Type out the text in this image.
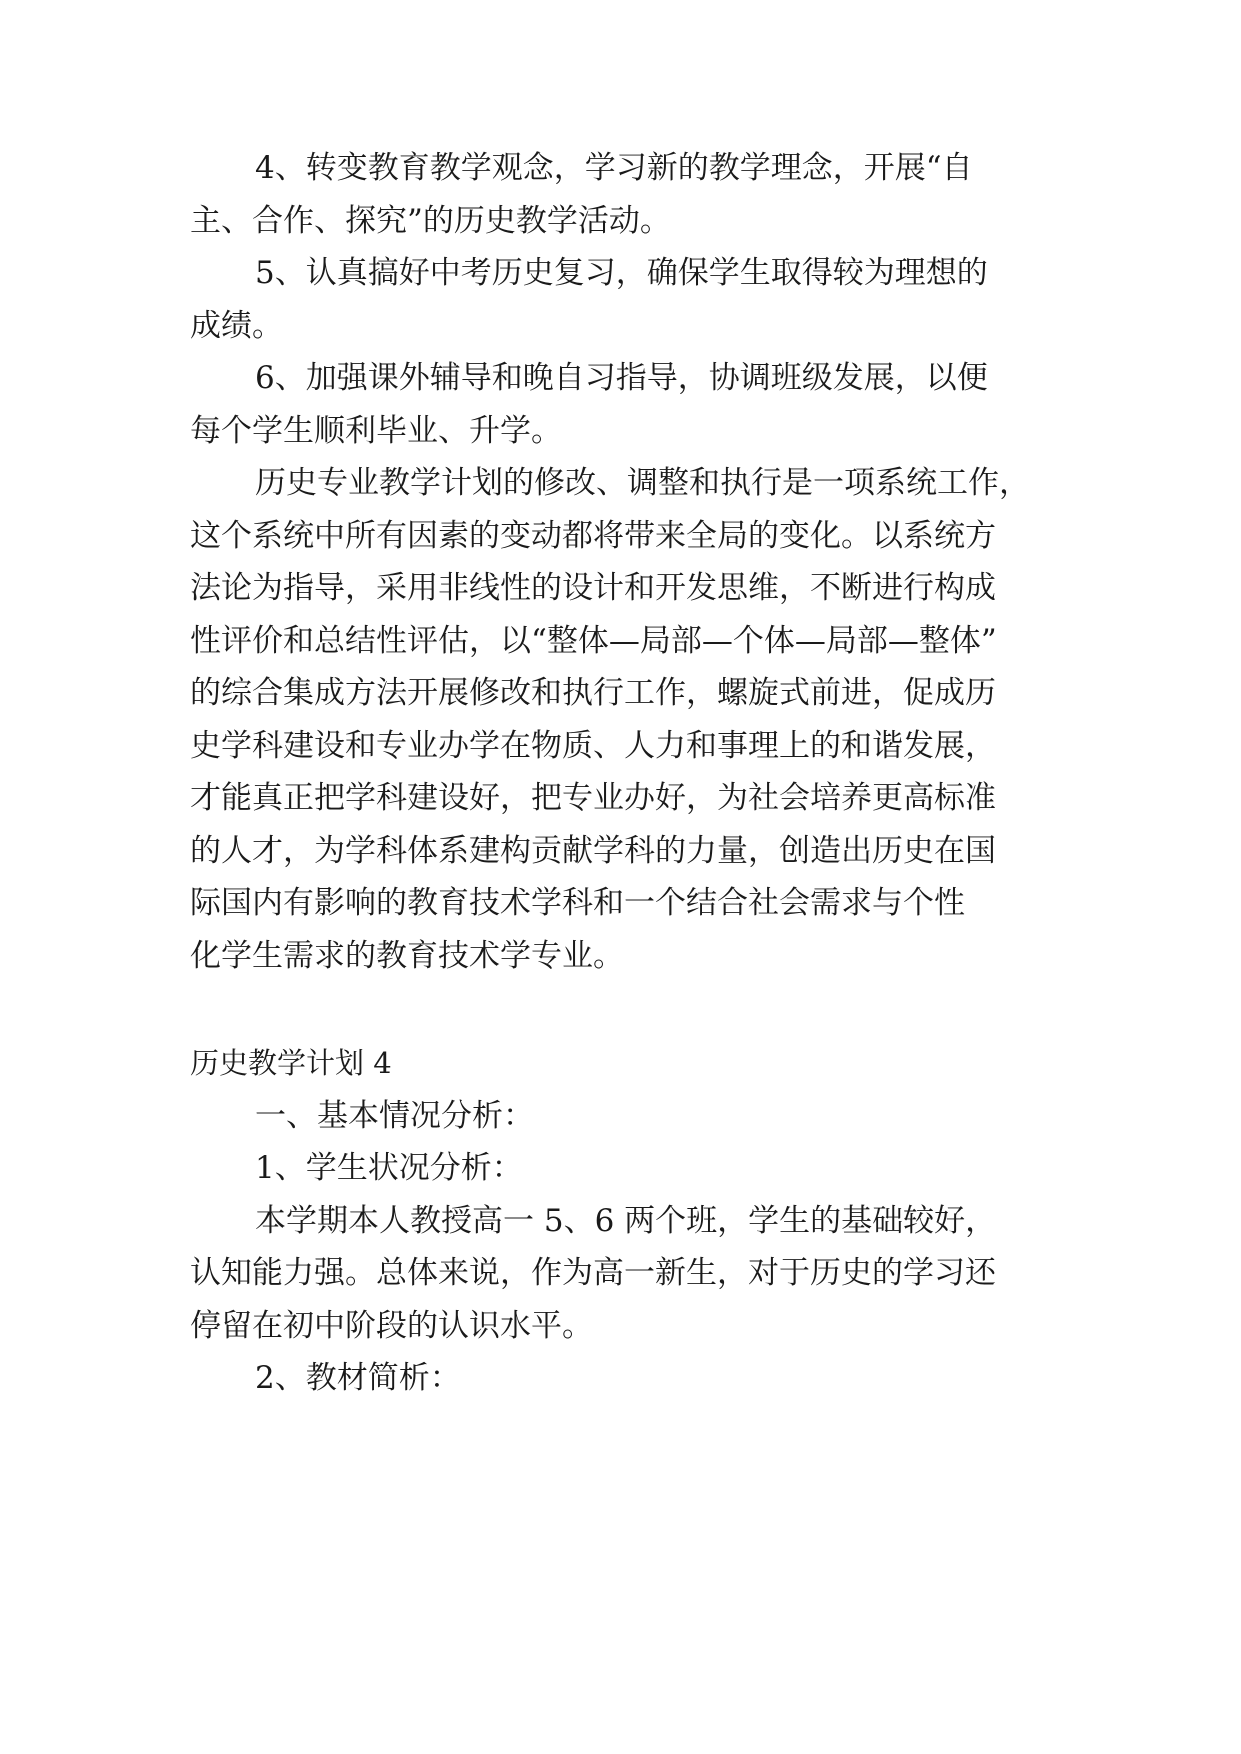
4、转变教育教学观念，学习新的教学理念，开展“自
主、合作、探究”的历史教学活动。
5、认真搞好中考历史复习，确保学生取得较为理想的
成绩。
6、加强课外辅导和晚自习指导，协调班级发展，以便
每个学生顺利毕业、升学。
历史专业教学计划的修改、调整和执行是一项系统工作，
这个系统中所有因素的变动都将带来全局的变化。以系统方
法论为指导，采用非线性的设计和开发思维，不断进行构成
性评价和总结性评估，以“整体—局部—个体—局部—整体”
的综合集成方法开展修改和执行工作，螺旋式前进，促成历
史学科建设和专业办学在物质、人力和事理上的和谐发展，
才能真正把学科建设好，把专业办好，为社会培养更高标准
的人才，为学科体系建构贡献学科的力量，创造出历史在国
际国内有影响的教育技术学科和一个结合社会需求与个性
化学生需求的教育技术学专业。
历史教学计划 4
一、基本情况分析：
1、学生状况分析：
本学期本人教授高一 5、6 两个班，学生的基础较好，
认知能力强。总体来说，作为高一新生，对于历史的学习还
停留在初中阶段的认识水平。
2、教材简析：
